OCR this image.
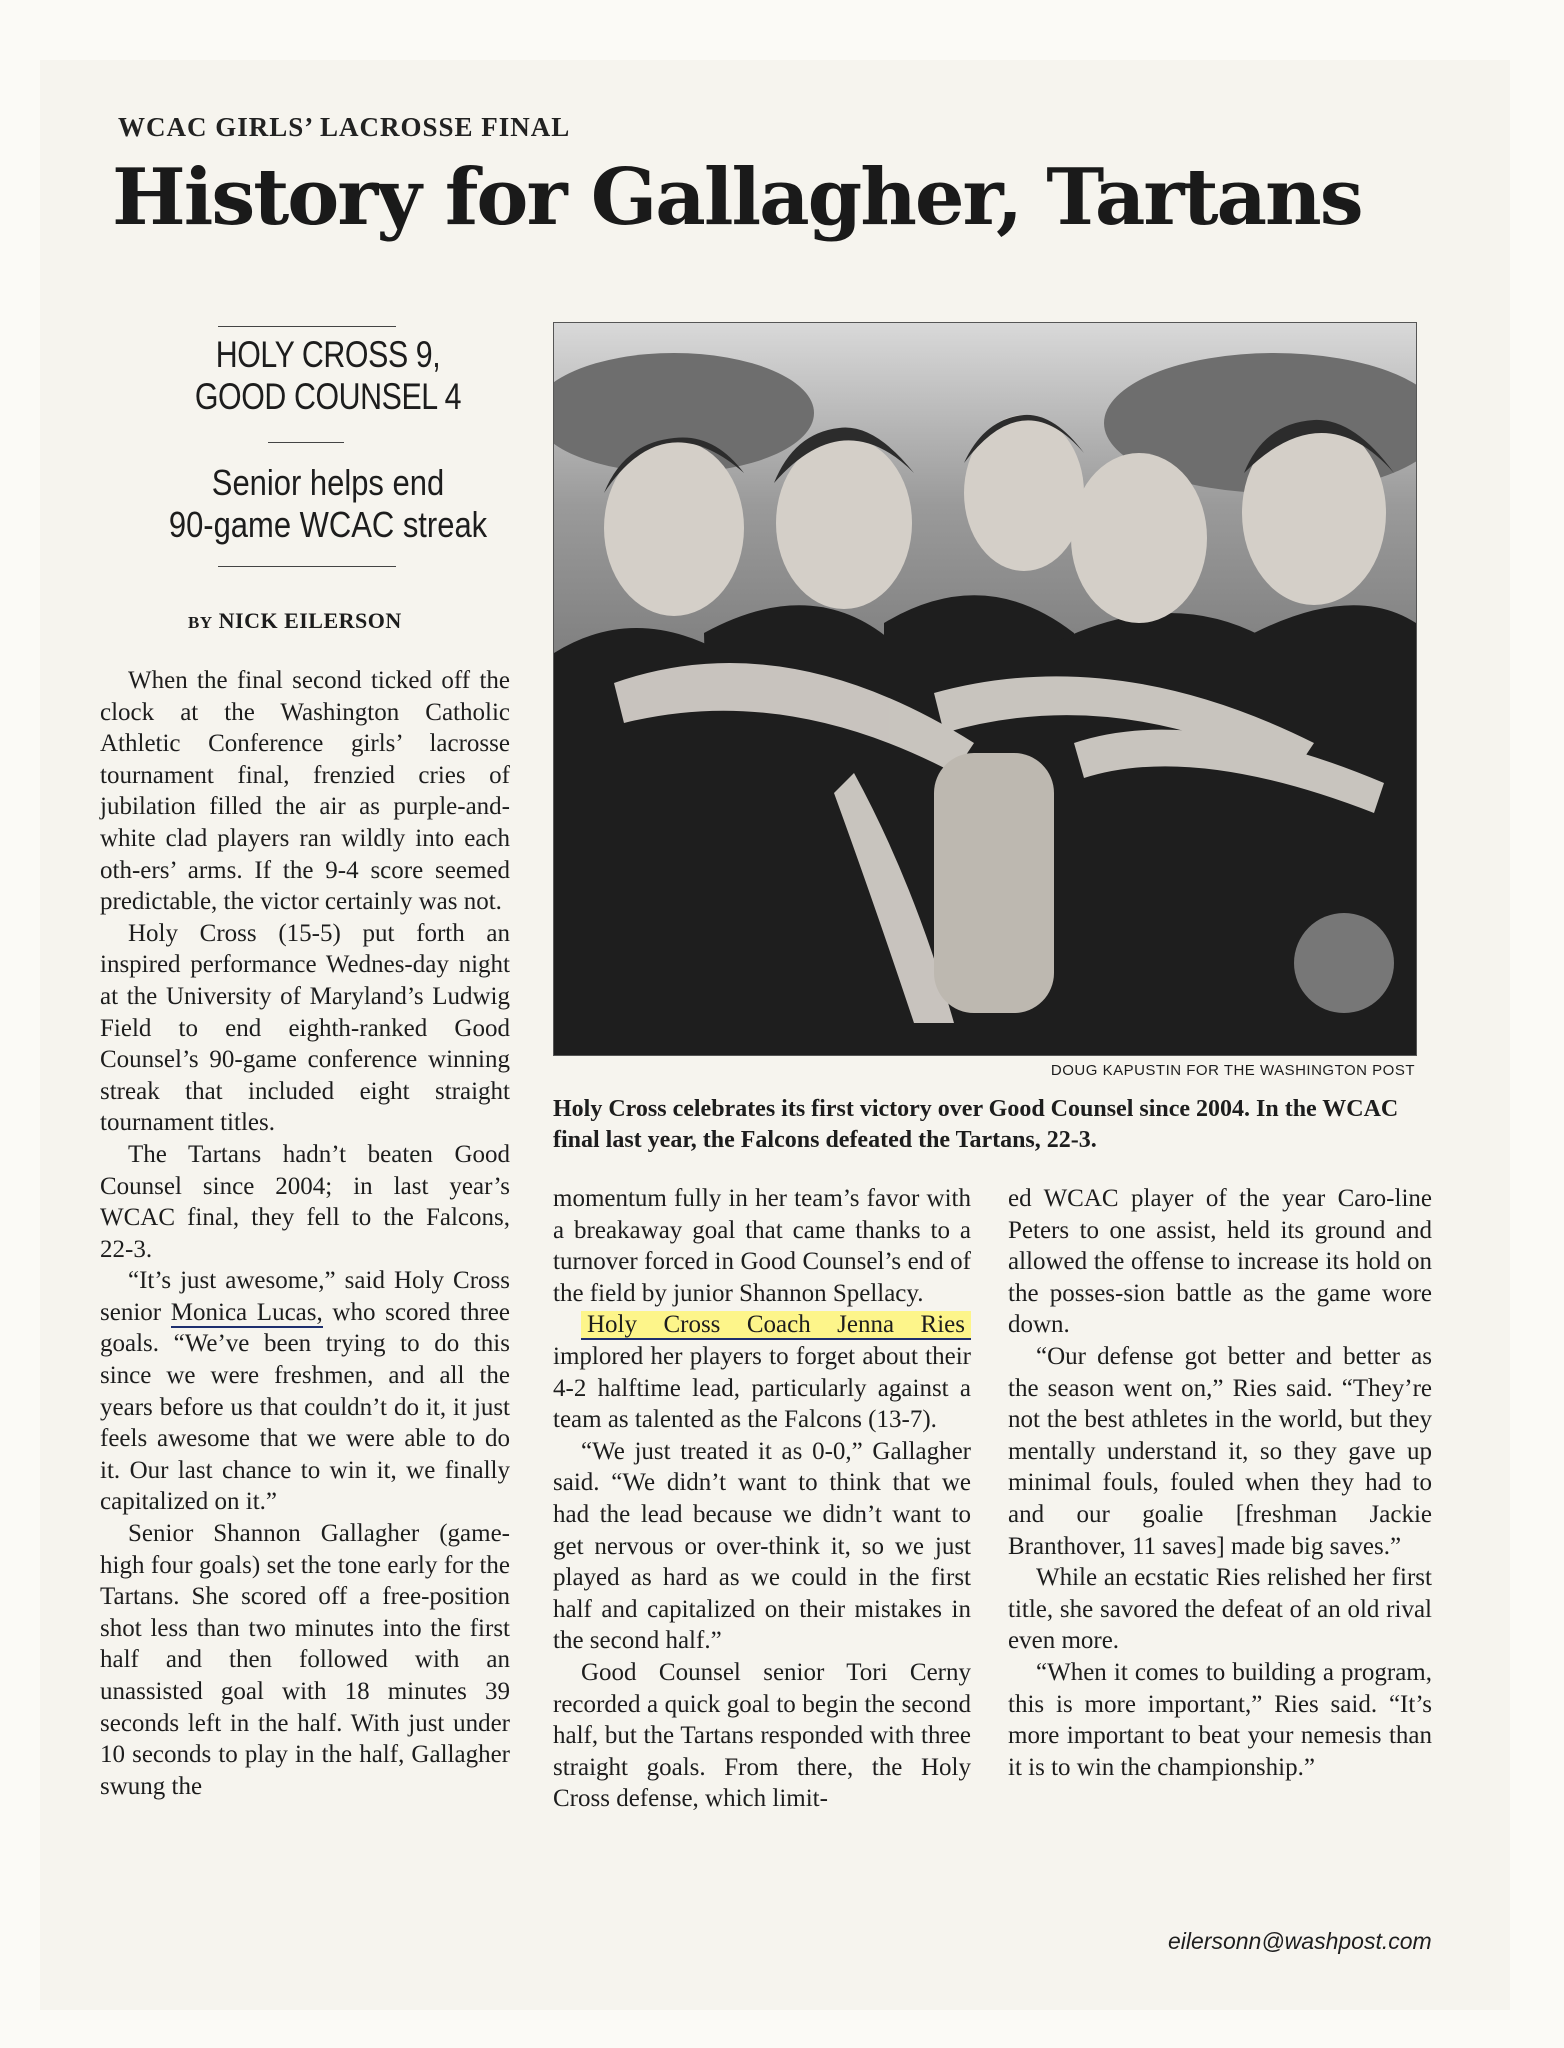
WCAC GIRLS’ LACROSSE FINAL
History for Gallagher, Tartans
HOLY CROSS 9,
GOOD COUNSEL 4
Senior helps end
90-game WCAC streak
BY NICK EILERSON

When the final second ticked off the clock at the Washington Catholic Athletic Conference girls’ lacrosse tournament final, frenzied cries of jubilation filled the air as purple-and-white clad players ran wildly into each oth-ers’ arms. If the 9-4 score seemed predictable, the victor certainly was not.

Holy Cross (15-5) put forth an inspired performance Wednes-day night at the University of Maryland’s Ludwig Field to end eighth-ranked Good Counsel’s 90-game conference winning streak that included eight straight tournament titles.

The Tartans hadn’t beaten Good Counsel since 2004; in last year’s WCAC final, they fell to the Falcons, 22-3.

“It’s just awesome,” said Holy Cross senior Monica Lucas, who scored three goals. “We’ve been trying to do this since we were freshmen, and all the years before us that couldn’t do it, it just feels awesome that we were able to do it. Our last chance to win it, we finally capitalized on it.”

Senior Shannon Gallagher (game-high four goals) set the tone early for the Tartans. She scored off a free-position shot less than two minutes into the first half and then followed with an unassisted goal with 18 minutes 39 seconds left in the half. With just under 10 seconds to play in the half, Gallagher swung the

DOUG KAPUSTIN FOR THE WASHINGTON POST
Holy Cross celebrates its first victory over Good Counsel since 2004. In the WCAC final last year, the Falcons defeated the Tartans, 22-3.

momentum fully in her team’s favor with a breakaway goal that came thanks to a turnover forced in Good Counsel’s end of the field by junior Shannon Spellacy.

Holy Cross Coach Jenna Ries implored her players to forget about their 4-2 halftime lead, particularly against a team as talented as the Falcons (13-7).

“We just treated it as 0-0,” Gallagher said. “We didn’t want to think that we had the lead because we didn’t want to get nervous or over-think it, so we just played as hard as we could in the first half and capitalized on their mistakes in the second half.”

Good Counsel senior Tori Cerny recorded a quick goal to begin the second half, but the Tartans responded with three straight goals. From there, the Holy Cross defense, which limit-

ed WCAC player of the year Caro-line Peters to one assist, held its ground and allowed the offense to increase its hold on the posses-sion battle as the game wore down.

“Our defense got better and better as the season went on,” Ries said. “They’re not the best athletes in the world, but they mentally understand it, so they gave up minimal fouls, fouled when they had to and our goalie [freshman Jackie Branthover, 11 saves] made big saves.”

While an ecstatic Ries relished her first title, she savored the defeat of an old rival even more.

“When it comes to building a program, this is more important,” Ries said. “It’s more important to beat your nemesis than it is to win the championship.”

eilersonn@washpost.com
